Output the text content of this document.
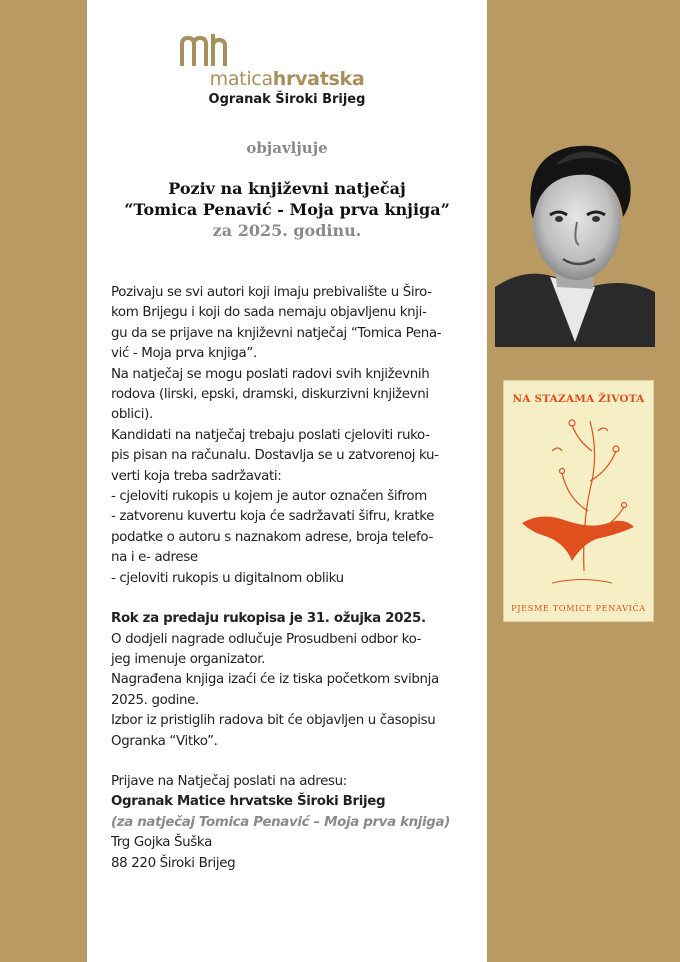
maticahrvatska
Ogranak Široki Brijeg
objavljuje
Poziv na književni natječaj
“Tomica Penavić - Moja prva knjiga”
za 2025. godinu.
Pozivaju se svi autori koji imaju prebivalište u Širo-
kom Brijegu i koji do sada nemaju objavljenu knji-
gu da se prijave na književni natječaj “Tomica Pena-
vić - Moja prva knjiga”.
Na natječaj se mogu poslati radovi svih književnih
rodova (lirski, epski, dramski, diskurzivni književni
oblici).
Kandidati na natječaj trebaju poslati cjeloviti ruko-
pis pisan na računalu. Dostavlja se u zatvorenoj ku-
verti koja treba sadržavati:
- cjeloviti rukopis u kojem je autor označen šifrom
- zatvorenu kuvertu koja će sadržavati šifru, kratke
podatke o autoru s naznakom adrese, broja telefo-
na i e- adrese
- cjeloviti rukopis u digitalnom obliku
Rok za predaju rukopisa je 31. ožujka 2025.
O dodjeli nagrade odlučuje Prosudbeni odbor ko-
jeg imenuje organizator.
Nagrađena knjiga izaći će iz tiska početkom svibnja
2025. godine.
Izbor iz pristiglih radova bit će objavljen u časopisu
Ogranka “Vitko”.
Prijave na Natječaj poslati na adresu:
Ogranak Matice hrvatske Široki Brijeg
(za natječaj Tomica Penavić – Moja prva knjiga)
Trg Gojka Šuška
88 220 Široki Brijeg
NA STAZAMA ŽIVOTA
PJESME TOMICE PENAVIĆA
